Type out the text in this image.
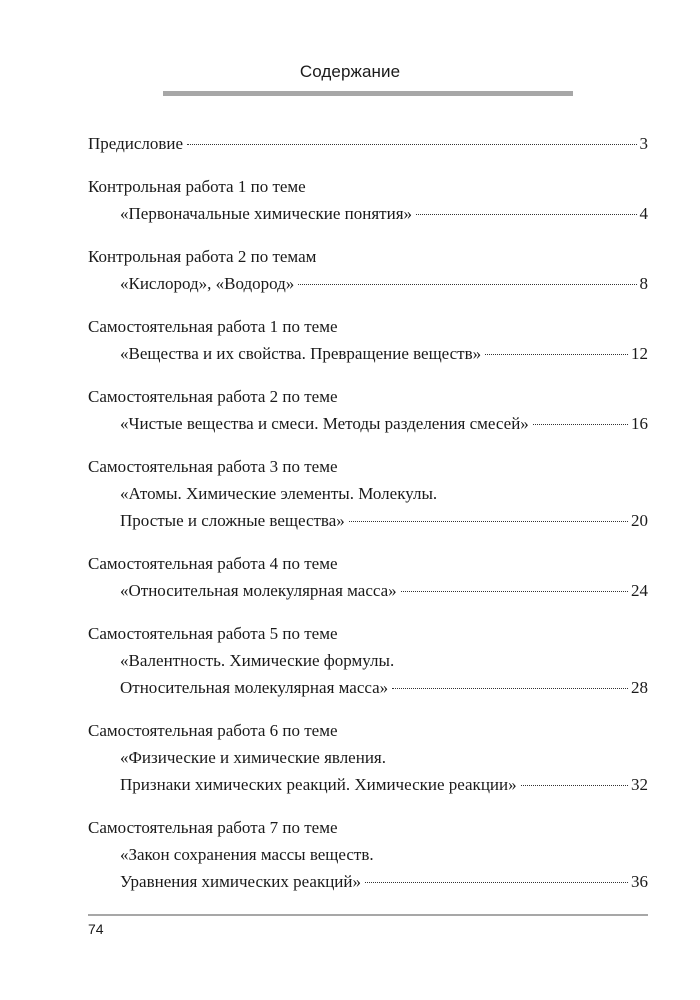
Содержание
Предисловие	3
Контрольная работа 1 по теме
«Первоначальные химические понятия»	4
Контрольная работа 2 по темам
«Кислород», «Водород»	8
Самостоятельная работа 1 по теме
«Вещества и их свойства. Превращение веществ»	12
Самостоятельная работа 2 по теме
«Чистые вещества и смеси. Методы разделения смесей»	16
Самостоятельная работа 3 по теме
«Атомы. Химические элементы. Молекулы.
Простые и сложные вещества»	20
Самостоятельная работа 4 по теме
«Относительная молекулярная масса»	24
Самостоятельная работа 5 по теме
«Валентность. Химические формулы.
Относительная молекулярная масса»	28
Самостоятельная работа 6 по теме
«Физические и химические явления.
Признаки химических реакций. Химические реакции»	32
Самостоятельная работа 7 по теме
«Закон сохранения массы веществ.
Уравнения химических реакций»	36
74
